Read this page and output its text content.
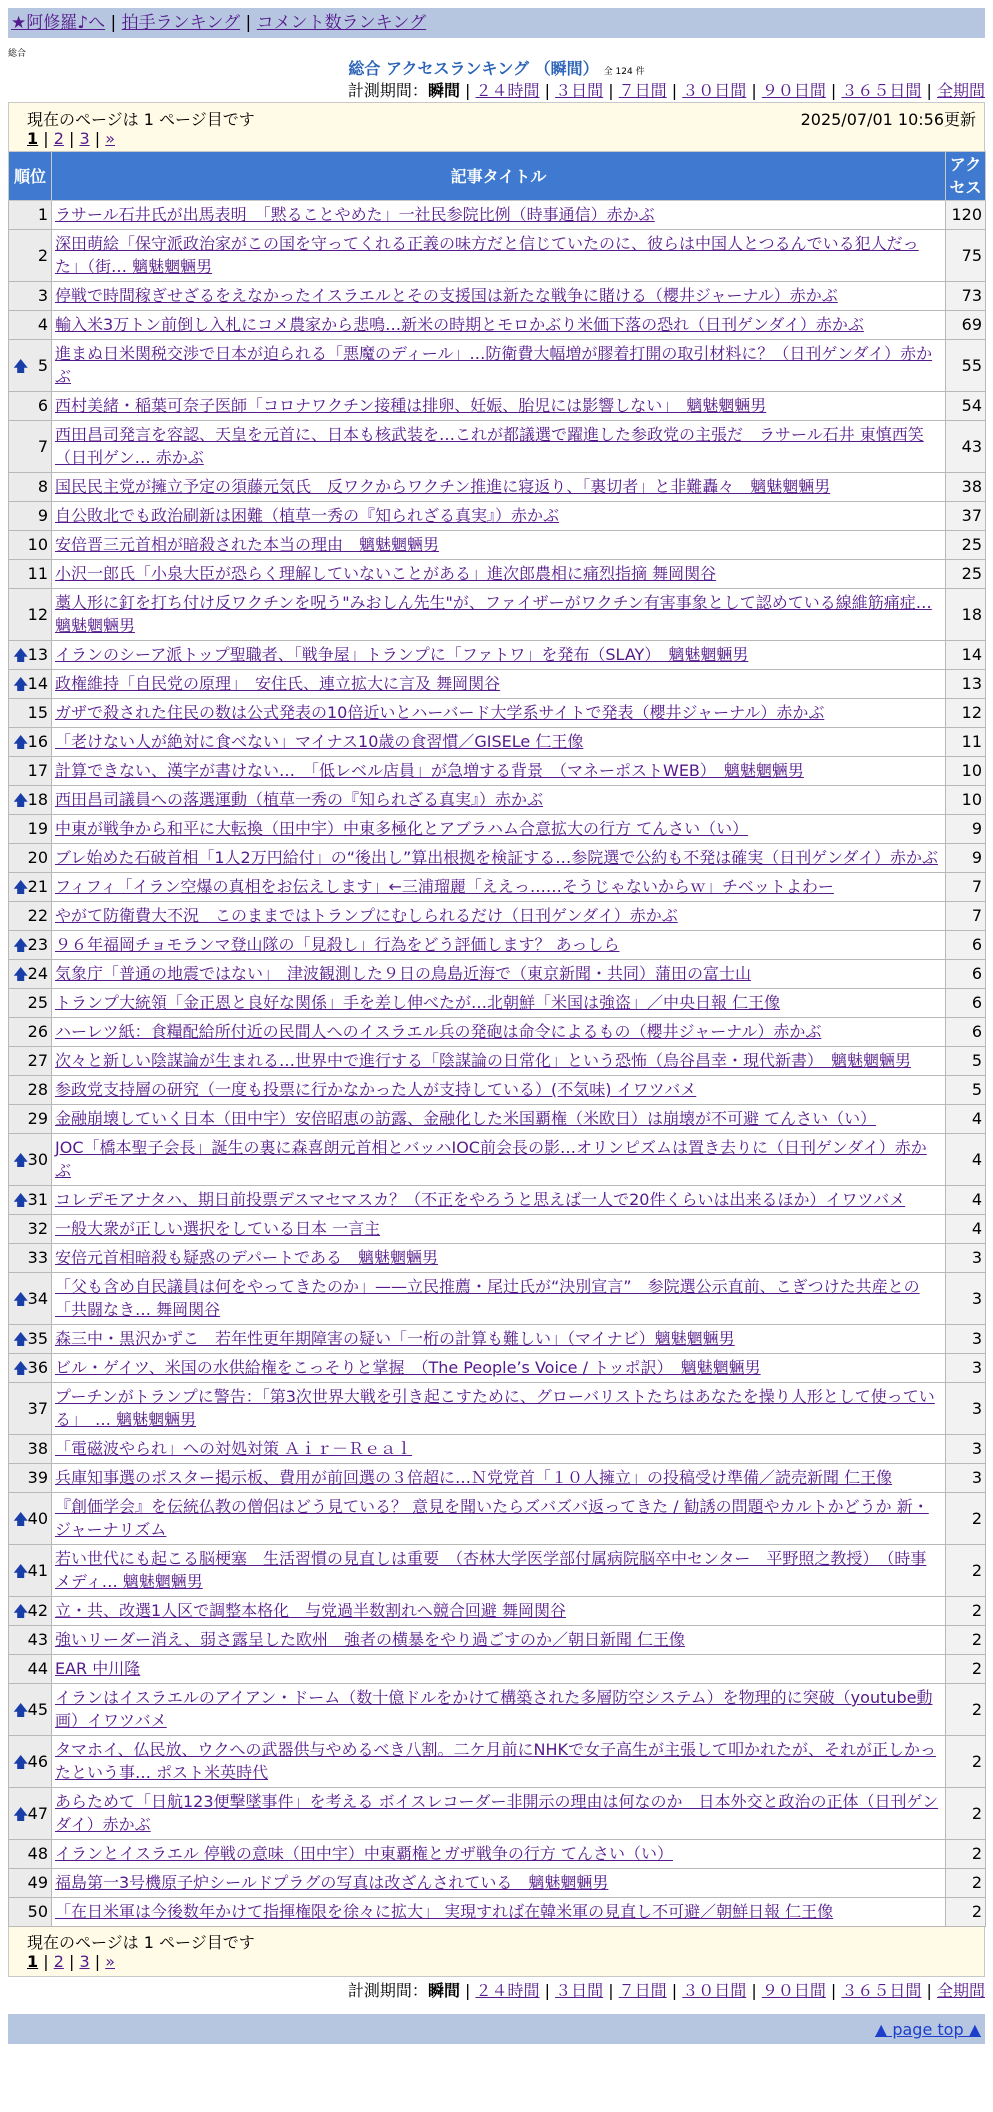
★阿修羅♪へ | 拍手ランキング | コメント数ランキング
総合
総合 アクセスランキング （瞬間） 全 124 件
計測期間：瞬間 | ２４時間 | ３日間 | ７日間 | ３０日間 | ９０日間 | ３６５日間 | 全期間
現在のページは 1 ページ目です	2025/07/01 10:56更新
1 | 2 | 3 | »
順位	記事タイトル	アクセス
1	ラサール石井氏が出馬表明　「黙ることやめた」一社民参院比例（時事通信）赤かぶ	120
2	深田萌絵「保守派政治家がこの国を守ってくれる正義の味方だと信じていたのに、彼らは中国人とつるんでいる犯人だった」（街… 魑魅魍魎男	75
3	停戦で時間稼ぎせざるをえなかったイスラエルとその支援国は新たな戦争に賭ける（櫻井ジャーナル）赤かぶ	73
4	輸入米3万トン前倒し入札にコメ農家から悲鳴…新米の時期とモロかぶり米価下落の恐れ（日刊ゲンダイ）赤かぶ	69

🡅 5	進まぬ日米関税交渉で日本が迫られる「悪魔のディール」…防衛費大幅増が膠着打開の取引材料に？（日刊ゲンダイ）赤かぶ	55
6	西村美緒・稲葉可奈子医師「コロナワクチン接種は排卵、妊娠、胎児には影響しない」　魑魅魍魎男	54
7	西田昌司発言を容認、天皇を元首に、日本も核武装を…これが都議選で躍進した参政党の主張だ　ラサール石井 東慎西笑（日刊ゲン… 赤かぶ	43
8	国民民主党が擁立予定の須藤元気氏　反ワクからワクチン推進に寝返り、「裏切者」と非難轟々　魑魅魍魎男	38
9	自公敗北でも政治刷新は困難（植草一秀の『知られざる真実』）赤かぶ	37
10	安倍晋三元首相が暗殺された本当の理由　魑魅魍魎男	25
11	小沢一郎氏「小泉大臣が恐らく理解していないことがある」進次郎農相に痛烈指摘 舞岡関谷	25
12	藁人形に釘を打ち付け反ワクチンを呪う"みおしん先生"が、ファイザーがワクチン有害事象として認めている線維筋痛症… 魑魅魍魎男	18

🡅 13	イランのシーア派トップ聖職者、「戦争屋」トランプに「ファトワ」を発布（SLAY）　魑魅魍魎男	14

🡅 14	政権維持「自民党の原理」　安住氏、連立拡大に言及 舞岡関谷	13
15	ガザで殺された住民の数は公式発表の10倍近いとハーバード大学系サイトで発表（櫻井ジャーナル）赤かぶ	12

🡅 16	「老けない人が絶対に食べない」マイナス10歳の食習慣／GISELe 仁王像	11
17	計算できない、漢字が書けない…　「低レベル店員」が急増する背景　（マネーポストWEB）　魑魅魍魎男	10

🡅 18	西田昌司議員への落選運動（植草一秀の『知られざる真実』）赤かぶ	10
19	中東が戦争から和平に大転換（田中宇）中東多極化とアブラハム合意拡大の行方 てんさい（い）	9
20	ブレ始めた石破首相「1人2万円給付」の“後出し”算出根拠を検証する…参院選で公約も不発は確実（日刊ゲンダイ）赤かぶ	9

🡅 21	フィフィ「イラン空爆の真相をお伝えします」←三浦瑠麗「ええっ……そうじゃないからｗ」チベットよわー	7
22	やがて防衛費大不況　このままではトランプにむしられるだけ（日刊ゲンダイ）赤かぶ	7

🡅 23	９６年福岡チョモランマ登山隊の「見殺し」行為をどう評価します？ あっしら	6

🡅 24	気象庁「普通の地震ではない」　津波観測した９日の鳥島近海で（東京新聞・共同）蒲田の富士山	6
25	トランプ大統領「金正恩と良好な関係」手を差し伸べたが…北朝鮮「米国は強盗」／中央日報 仁王像	6
26	ハーレツ紙：食糧配給所付近の民間人へのイスラエル兵の発砲は命令によるもの（櫻井ジャーナル）赤かぶ	6
27	次々と新しい陰謀論が生まれる…世界中で進行する「陰謀論の日常化」という恐怖（烏谷昌幸・現代新書）　魑魅魍魎男	5
28	参政党支持層の研究（一度も投票に行かなかった人が支持している）(不気味) イワツバメ	5
29	金融崩壊していく日本（田中宇）安倍昭恵の訪露、金融化した米国覇権（米欧日）は崩壊が不可避 てんさい（い）	4

🡅 30	JOC「橋本聖子会長」誕生の裏に森喜朗元首相とバッハIOC前会長の影…オリンピズムは置き去りに（日刊ゲンダイ）赤かぶ	4

🡅 31	コレデモアナタハ、期日前投票デスマセマスカ？（不正をやろうと思えば一人で20件くらいは出来るほか）イワツバメ	4
32	一般大衆が正しい選択をしている日本 一言主	4
33	安倍元首相暗殺も疑惑のデパートである　魑魅魍魎男	3

🡅 34	「父も含め自民議員は何をやってきたのか」——立民推薦・尾辻氏が“決別宣言”　参院選公示直前、こぎつけた共産との「共闘なき… 舞岡関谷	3

🡅 35	森三中・黒沢かずこ　若年性更年期障害の疑い「一桁の計算も難しい」（マイナビ）魑魅魍魎男	3

🡅 36	ビル・ゲイツ、米国の水供給権をこっそりと掌握　（The People’s Voice / トッポ訳）　魑魅魍魎男	3
37	プーチンがトランプに警告：「第3次世界大戦を引き起こすために、グローバリストたちはあなたを操り人形として使っている」　… 魑魅魍魎男	3
38	「電磁波やられ」への対処対策 Ａｉｒ－Ｒｅａｌ	3
39	兵庫知事選のポスター掲示板、費用が前回選の３倍超に…Ｎ党党首「１０人擁立」の投稿受け準備／読売新聞 仁王像	3

🡅 40	『創価学会』を伝統仏教の僧侶はどう見ている？ 意見を聞いたらズバズバ返ってきた / 勧誘の問題やカルトかどうか 新・ジャーナリズム	2

🡅 41	若い世代にも起こる脳梗塞　生活習慣の見直しは重要　（杏林大学医学部付属病院脳卒中センター　平野照之教授）　（時事メディ… 魑魅魍魎男	2

🡅 42	立・共、改選1人区で調整本格化　与党過半数割れへ競合回避 舞岡関谷	2
43	強いリーダー消え、弱さ露呈した欧州　強者の横暴をやり過ごすのか／朝日新聞 仁王像	2
44	EAR 中川隆	2

🡅 45	イランはイスラエルのアイアン・ドーム（数十億ドルをかけて構築された多層防空システム）を物理的に突破（youtube動画）イワツバメ	2

🡅 46	タマホイ、仏民放、ウクへの武器供与やめるべき八割。二ケ月前にNHKで女子高生が主張して叩かれたが、それが正しかったという事… ポスト米英時代	2

🡅 47	あらためて「日航123便撃墜事件」を考える ボイスレコーダー非開示の理由は何なのか　日本外交と政治の正体（日刊ゲンダイ）赤かぶ	2
48	イランとイスラエル 停戦の意味（田中宇）中東覇権とガザ戦争の行方 てんさい（い）	2
49	福島第一3号機原子炉シールドプラグの写真は改ざんされている　魑魅魍魎男	2
50	「在日米軍は今後数年かけて指揮権限を徐々に拡大」 実現すれば在韓米軍の見直し不可避／朝鮮日報 仁王像	2
現在のページは 1 ページ目です
1 | 2 | 3 | »
計測期間：瞬間 | ２４時間 | ３日間 | ７日間 | ３０日間 | ９０日間 | ３６５日間 | 全期間
▲ page top ▲
